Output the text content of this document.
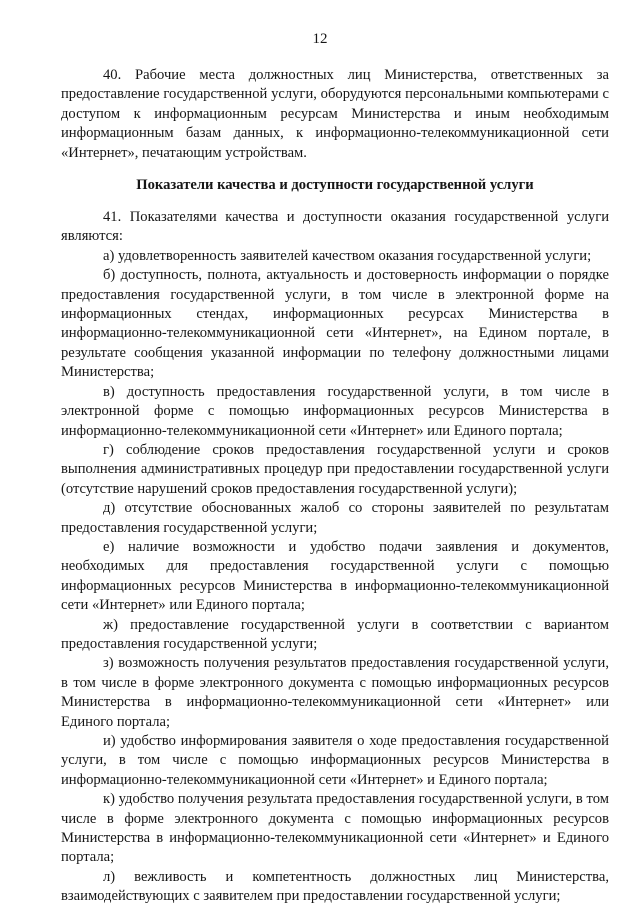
12

40. Рабочие места должностных лиц Министерства, ответственных за предоставление государственной услуги, оборудуются персональными компьютерами с доступом к информационным ресурсам Министерства и иным необходимым информационным базам данных, к информационно-телекоммуникационной сети «Интернет», печатающим устройствам.

Показатели качества и доступности государственной услуги

41. Показателями качества и доступности оказания государственной услуги являются:

а) удовлетворенность заявителей качеством оказания государственной услуги;

б) доступность, полнота, актуальность и достоверность информации о порядке предоставления государственной услуги, в том числе в электронной форме на информационных стендах, информационных ресурсах Министерства в информационно-телекоммуникационной сети «Интернет», на Едином портале, в результате сообщения указанной информации по телефону должностными лицами Министерства;

в) доступность предоставления государственной услуги, в том числе в электронной форме с помощью информационных ресурсов Министерства в информационно-телекоммуникационной сети «Интернет» или Единого портала;

г) соблюдение сроков предоставления государственной услуги и сроков выполнения административных процедур при предоставлении государственной услуги (отсутствие нарушений сроков предоставления государственной услуги);

д) отсутствие обоснованных жалоб со стороны заявителей по результатам предоставления государственной услуги;

е) наличие возможности и удобство подачи заявления и документов, необходимых для предоставления государственной услуги с помощью информационных ресурсов Министерства в информационно-телекоммуникационной сети «Интернет» или Единого портала;

ж) предоставление государственной услуги в соответствии с вариантом предоставления государственной услуги;

з) возможность получения результатов предоставления государственной услуги, в том числе в форме электронного документа с помощью информационных ресурсов Министерства в информационно-телекоммуникационной сети «Интернет» или Единого портала;

и) удобство информирования заявителя о ходе предоставления государственной услуги, в том числе с помощью информационных ресурсов Министерства в информационно-телекоммуникационной сети «Интернет» и Единого портала;

к) удобство получения результата предоставления государственной услуги, в том числе в форме электронного документа с помощью информационных ресурсов Министерства в информационно-телекоммуникационной сети «Интернет» и Единого портала;

л) вежливость и компетентность должностных лиц Министерства, взаимодействующих с заявителем при предоставлении государственной услуги;
